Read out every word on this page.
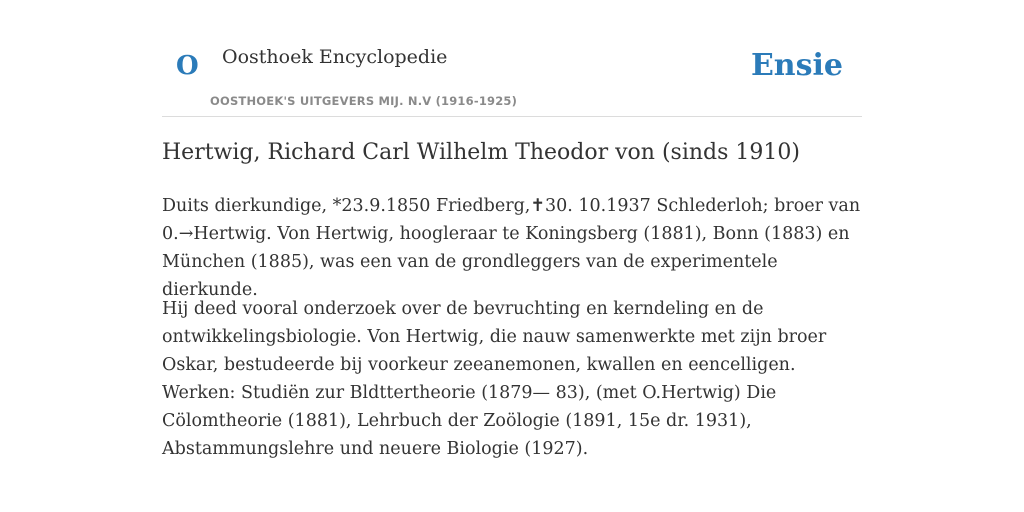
O Oosthoek Encyclopedie
OOSTHOEK'S UITGEVERS MIJ. N.V (1916-1925)
Ensie
Hertwig, Richard Carl Wilhelm Theodor von (sinds 1910)

Duits dierkundige, *23.9.1850 Friedberg,✝30. 10.1937 Schlederloh; broer van 0.→Hertwig. Von Hertwig, hoogleraar te Koningsberg (1881), Bonn (1883) en München (1885), was een van de grondleggers van de experimentele dierkunde.

Hij deed vooral onderzoek over de bevruchting en kerndeling en de ontwikkelingsbiologie. Von Hertwig, die nauw samenwerkte met zijn broer Oskar, bestudeerde bij voorkeur zeeanemonen, kwallen en eencelligen. Werken: Studiën zur Bldttertheorie (1879— 83), (met O.Hertwig) Die Cölomtheorie (1881), Lehrbuch der Zoölogie (1891, 15e dr. 1931), Abstammungslehre und neuere Biologie (1927).
